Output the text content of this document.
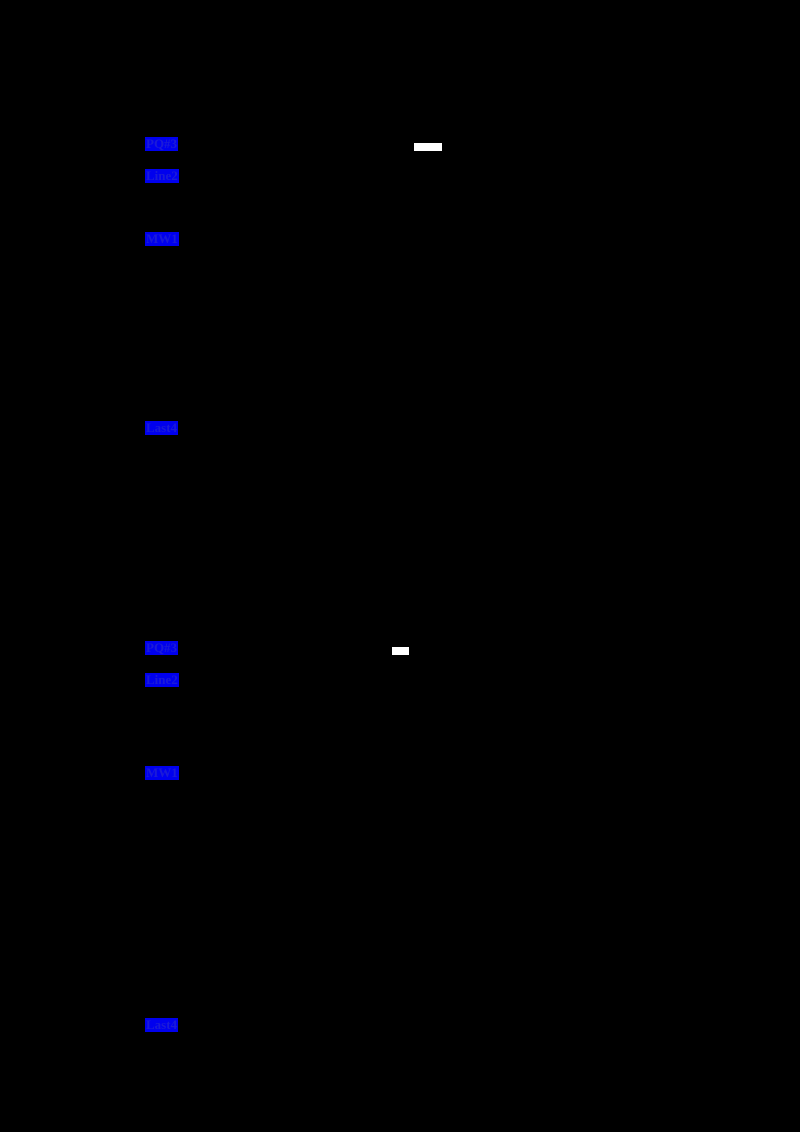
PQ#3
Line2
MW1
Last4
PQ#3
Line2
MW1
Last4
